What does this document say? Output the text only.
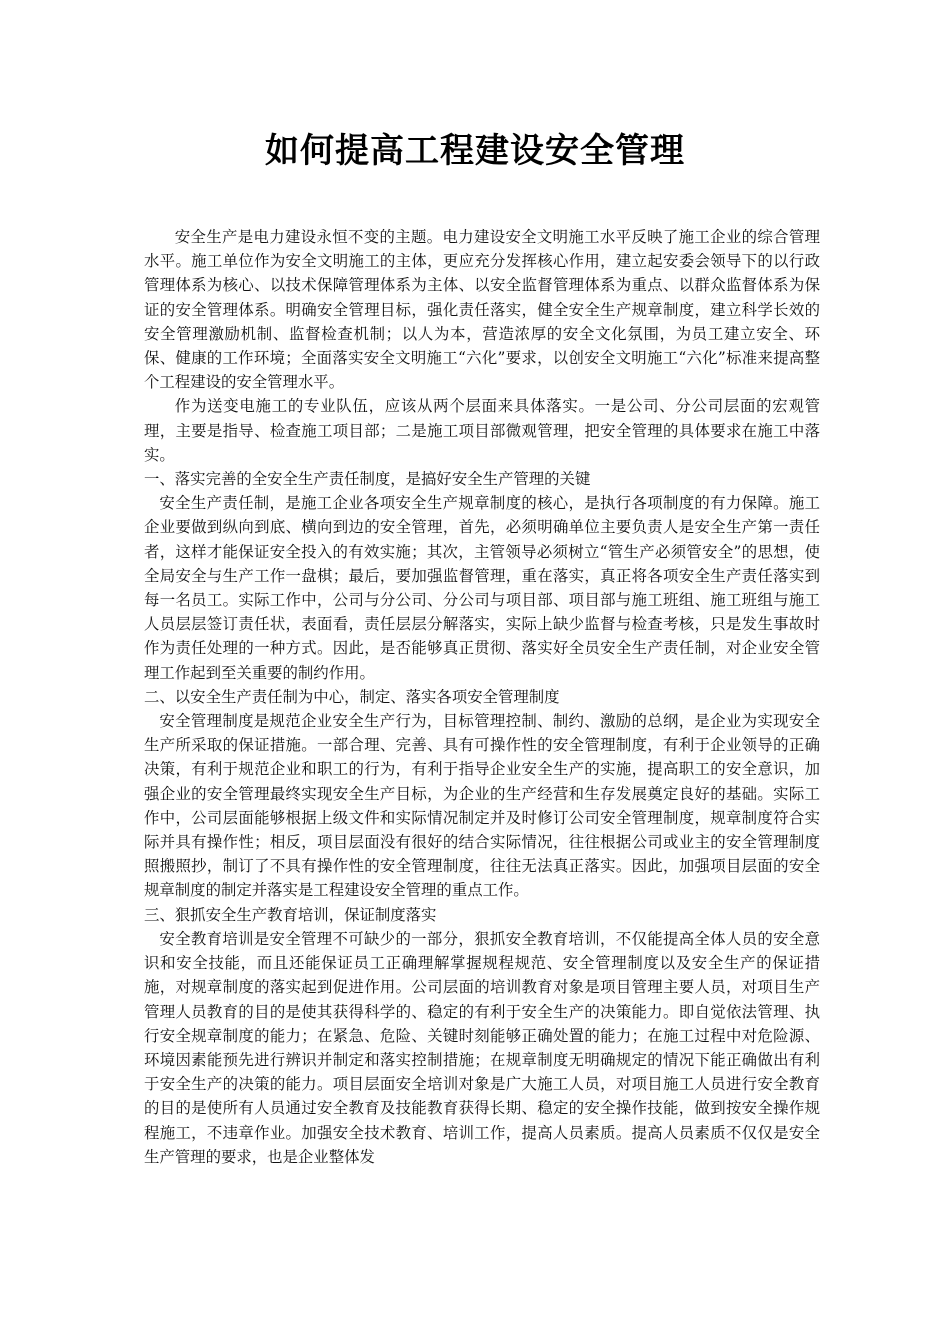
如何提高工程建设安全管理

安全生产是电力建设永恒不变的主题。电力建设安全文明施工水平反映了施工企业的综合管理水平。施工单位作为安全文明施工的主体，更应充分发挥核心作用，建立起安委会领导下的以行政管理体系为核心、以技术保障管理体系为主体、以安全监督管理体系为重点、以群众监督体系为保证的安全管理体系。明确安全管理目标，强化责任落实，健全安全生产规章制度，建立科学长效的安全管理激励机制、监督检查机制；以人为本，营造浓厚的安全文化氛围，为员工建立安全、环保、健康的工作环境；全面落实安全文明施工“六化”要求，以创安全文明施工“六化”标准来提高整个工程建设的安全管理水平。

作为送变电施工的专业队伍，应该从两个层面来具体落实。一是公司、分公司层面的宏观管理，主要是指导、检查施工项目部；二是施工项目部微观管理，把安全管理的具体要求在施工中落实。

一、落实完善的全安全生产责任制度，是搞好安全生产管理的关键

安全生产责任制，是施工企业各项安全生产规章制度的核心，是执行各项制度的有力保障。施工企业要做到纵向到底、横向到边的安全管理，首先，必须明确单位主要负责人是安全生产第一责任者，这样才能保证安全投入的有效实施；其次，主管领导必须树立“管生产必须管安全”的思想，使全局安全与生产工作一盘棋；最后，要加强监督管理，重在落实，真正将各项安全生产责任落实到每一名员工。实际工作中，公司与分公司、分公司与项目部、项目部与施工班组、施工班组与施工人员层层签订责任状，表面看，责任层层分解落实，实际上缺少监督与检查考核，只是发生事故时作为责任处理的一种方式。因此，是否能够真正贯彻、落实好全员安全生产责任制，对企业安全管理工作起到至关重要的制约作用。

二、以安全生产责任制为中心，制定、落实各项安全管理制度

安全管理制度是规范企业安全生产行为，目标管理控制、制约、激励的总纲，是企业为实现安全生产所采取的保证措施。一部合理、完善、具有可操作性的安全管理制度，有利于企业领导的正确决策，有利于规范企业和职工的行为，有利于指导企业安全生产的实施，提高职工的安全意识，加强企业的安全管理最终实现安全生产目标，为企业的生产经营和生存发展奠定良好的基础。实际工作中，公司层面能够根据上级文件和实际情况制定并及时修订公司安全管理制度，规章制度符合实际并具有操作性；相反，项目层面没有很好的结合实际情况，往往根据公司或业主的安全管理制度照搬照抄，制订了不具有操作性的安全管理制度，往往无法真正落实。因此，加强项目层面的安全规章制度的制定并落实是工程建设安全管理的重点工作。

三、狠抓安全生产教育培训，保证制度落实

安全教育培训是安全管理不可缺少的一部分，狠抓安全教育培训，不仅能提高全体人员的安全意识和安全技能，而且还能保证员工正确理解掌握规程规范、安全管理制度以及安全生产的保证措施，对规章制度的落实起到促进作用。公司层面的培训教育对象是项目管理主要人员，对项目生产管理人员教育的目的是使其获得科学的、稳定的有利于安全生产的决策能力。即自觉依法管理、执行安全规章制度的能力；在紧急、危险、关键时刻能够正确处置的能力；在施工过程中对危险源、环境因素能预先进行辨识并制定和落实控制措施；在规章制度无明确规定的情况下能正确做出有利于安全生产的决策的能力。项目层面安全培训对象是广大施工人员，对项目施工人员进行安全教育的目的是使所有人员通过安全教育及技能教育获得长期、稳定的安全操作技能，做到按安全操作规程施工，不违章作业。加强安全技术教育、培训工作，提高人员素质。提高人员素质不仅仅是安全生产管理的要求，也是企业整体发
